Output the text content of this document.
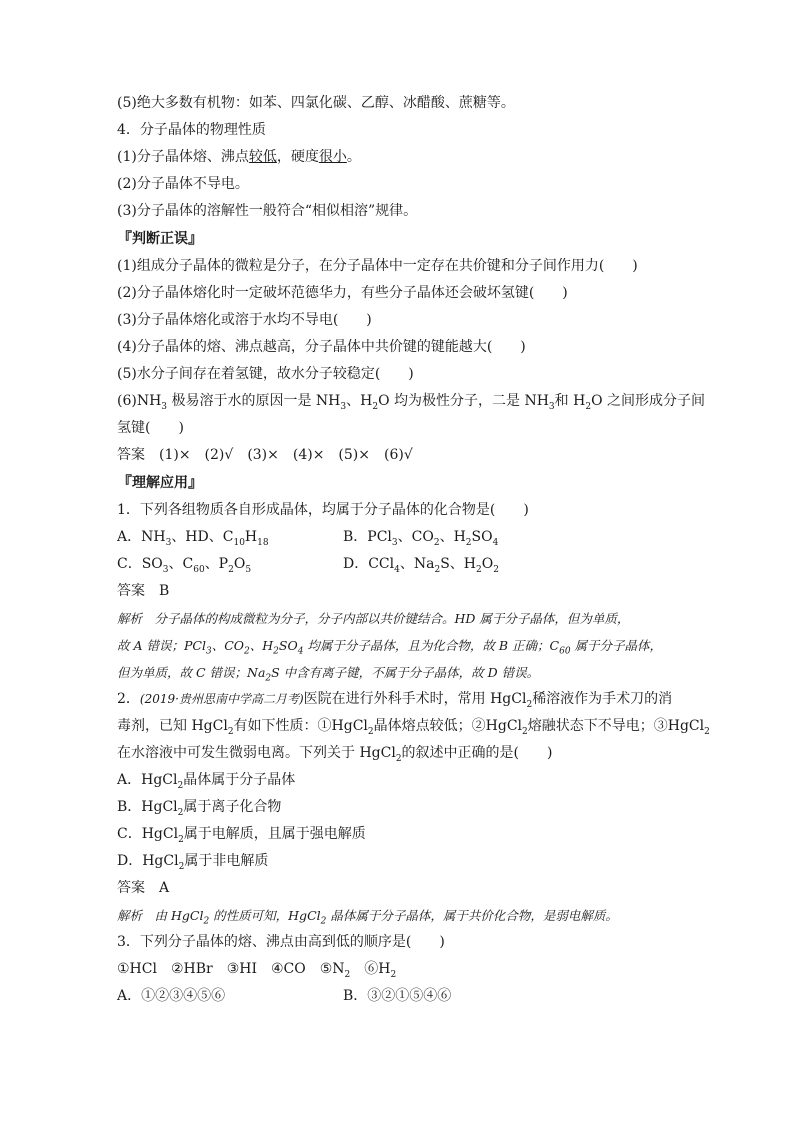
(5)绝大多数有机物：如苯、四氯化碳、乙醇、冰醋酸、蔗糖等。
4．分子晶体的物理性质
(1)分子晶体熔、沸点较低，硬度很小。
(2)分子晶体不导电。
(3)分子晶体的溶解性一般符合“相似相溶”规律。
『判断正误』
(1)组成分子晶体的微粒是分子，在分子晶体中一定存在共价键和分子间作用力(　　)
(2)分子晶体熔化时一定破坏范德华力，有些分子晶体还会破坏氢键(　　)
(3)分子晶体熔化或溶于水均不导电(　　)
(4)分子晶体的熔、沸点越高，分子晶体中共价键的键能越大(　　)
(5)水分子间存在着氢键，故水分子较稳定(　　)
$(6)NH_3$ 极易溶于水的原因一是 $NH_3$、$H_2O$ 均为极性分子，二是 $NH_3$和 $H_2O$ 之间形成分子间
氢键(　　)
答案　(1)×　(2)√　(3)×　(4)×　(5)×　(6)√
『理解应用』
1．下列各组物质各自形成晶体，均属于分子晶体的化合物是(　　)
A．$NH_3$、HD、$C_{10}H_{18}$	B．PCl$_3$、$CO_2$、$H_2SO_4$
C．$SO_3$、$C_{60}$、$P_2O_5$	D．CCl$_4$、$Na_2S$、$H_2O_2$
答案　B
解析　分子晶体的构成微粒为分子，分子内部以共价键结合。HD 属于分子晶体，但为单质，
故 A 错误；PCl$_3$、$CO_2$、$H_2SO_4$ 均属于分子晶体，且为化合物，故 B 正确；$C_{60}$ 属于分子晶体，
但为单质，故 C 错误；$Na_2S$ 中含有离子键，不属于分子晶体，故 D 错误。
2．(2019·贵州思南中学高二月考)医院在进行外科手术时，常用 HgCl$_2$稀溶液作为手术刀的消
毒剂，已知 HgCl$_2$有如下性质：①HgCl$_2$晶体熔点较低；②HgCl$_2$熔融状态下不导电；③HgCl$_2$
在水溶液中可发生微弱电离。下列关于 HgCl$_2$的叙述中正确的是(　　)
A．HgCl$_2$晶体属于分子晶体
B．HgCl$_2$属于离子化合物
C．HgCl$_2$属于电解质，且属于强电解质
D．HgCl$_2$属于非电解质
答案　A
解析　由 HgCl$_2$ 的性质可知，HgCl$_2$ 晶体属于分子晶体，属于共价化合物，是弱电解质。
3．下列分子晶体的熔、沸点由高到低的顺序是(　　)
①HCl　②HBr　③HI　④CO　$⑤N_2$　$⑥H_2$
A．①②③④⑤⑥	B．③②①⑤④⑥
